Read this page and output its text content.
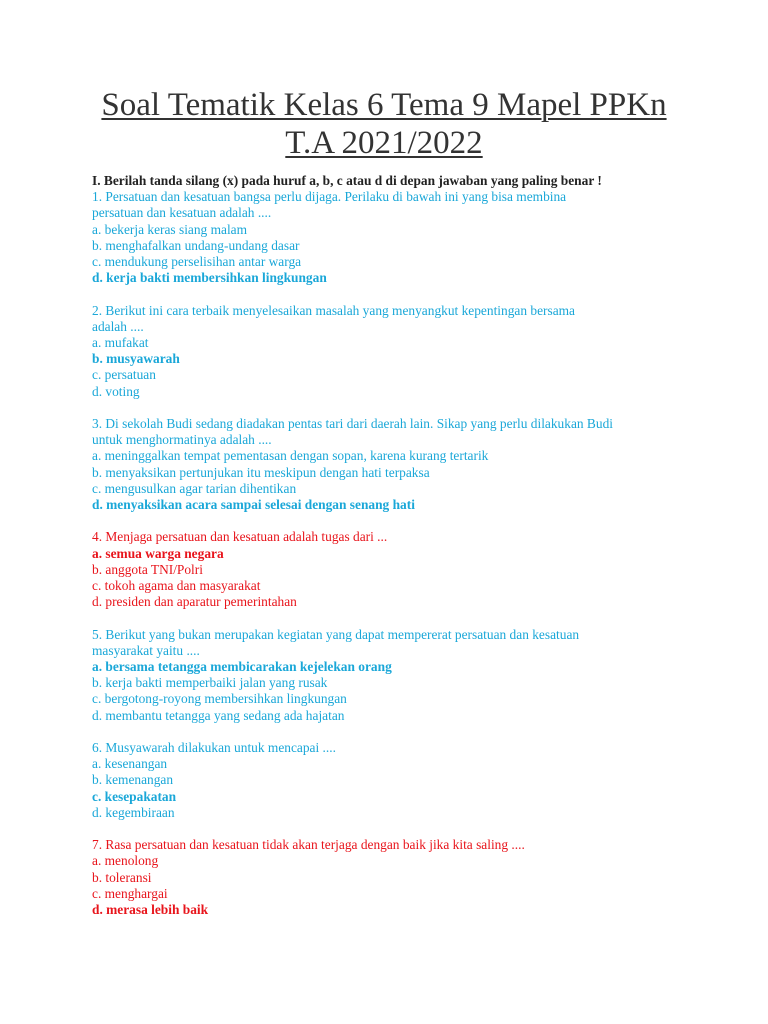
Soal Tematik Kelas 6 Tema 9 Mapel PPKn
T.A 2021/2022
I. Berilah tanda silang (x) pada huruf a, b, c atau d di depan jawaban yang paling benar !
1. Persatuan dan kesatuan bangsa perlu dijaga. Perilaku di bawah ini yang bisa membina
persatuan dan kesatuan adalah ....
a. bekerja keras siang malam
b. menghafalkan undang-undang dasar
c. mendukung perselisihan antar warga
d. kerja bakti membersihkan lingkungan
2. Berikut ini cara terbaik menyelesaikan masalah yang menyangkut kepentingan bersama
adalah ....
a. mufakat
b. musyawarah
c. persatuan
d. voting
3. Di sekolah Budi sedang diadakan pentas tari dari daerah lain. Sikap yang perlu dilakukan Budi
untuk menghormatinya adalah ....
a. meninggalkan tempat pementasan dengan sopan, karena kurang tertarik
b. menyaksikan pertunjukan itu meskipun dengan hati terpaksa
c. mengusulkan agar tarian dihentikan
d. menyaksikan acara sampai selesai dengan senang hati
4. Menjaga persatuan dan kesatuan adalah tugas dari ...
a. semua warga negara
b. anggota TNI/Polri
c. tokoh agama dan masyarakat
d. presiden dan aparatur pemerintahan
5. Berikut yang bukan merupakan kegiatan yang dapat mempererat persatuan dan kesatuan
masyarakat yaitu ....
a. bersama tetangga membicarakan kejelekan orang
b. kerja bakti memperbaiki jalan yang rusak
c. bergotong-royong membersihkan lingkungan
d. membantu tetangga yang sedang ada hajatan
6. Musyawarah dilakukan untuk mencapai ....
a. kesenangan
b. kemenangan
c. kesepakatan
d. kegembiraan
7. Rasa persatuan dan kesatuan tidak akan terjaga dengan baik jika kita saling ....
a. menolong
b. toleransi
c. menghargai
d. merasa lebih baik
